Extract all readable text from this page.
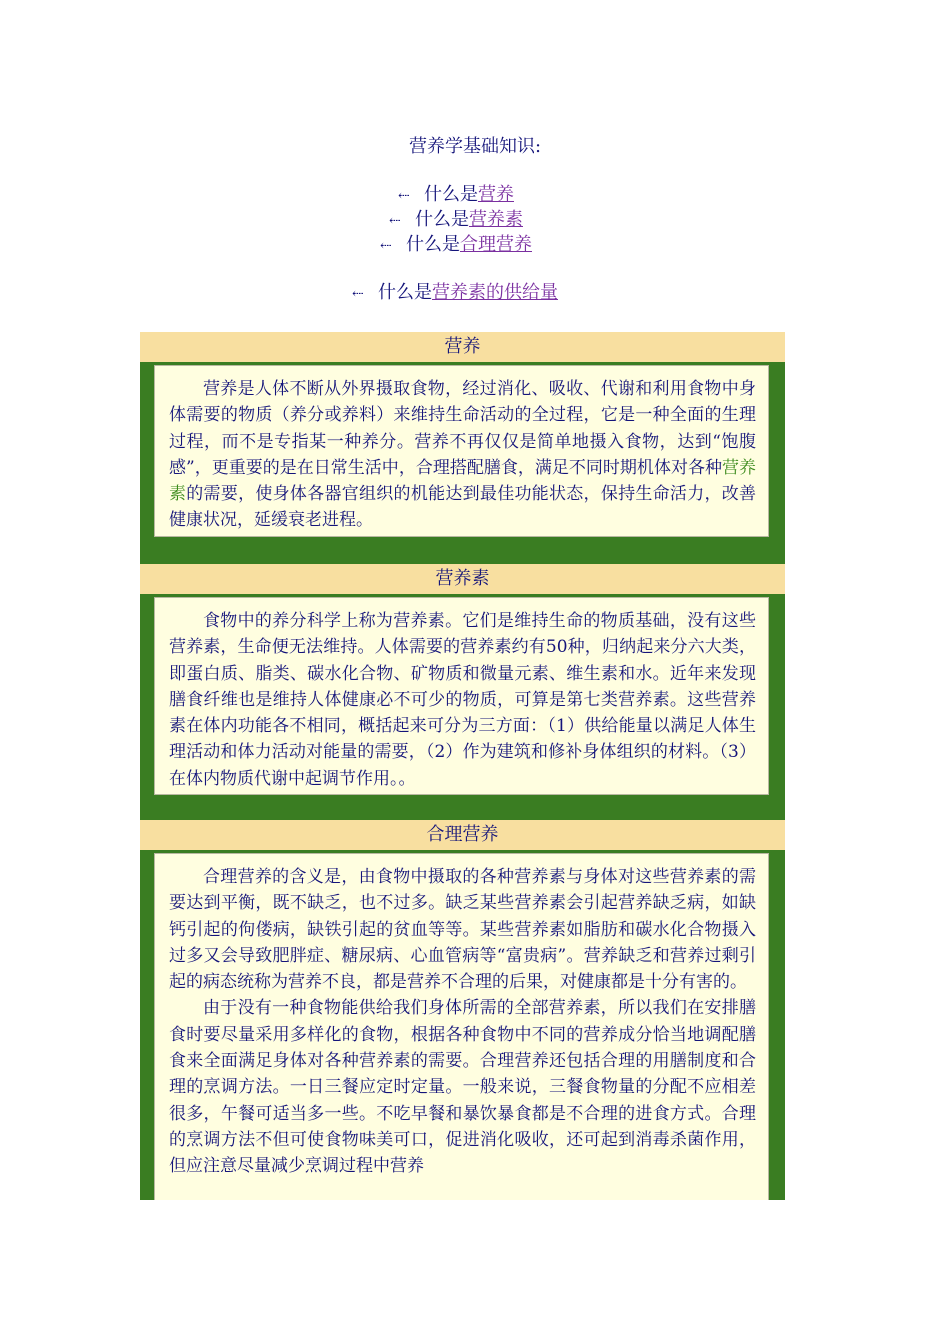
营养学基础知识:
⇠ 什么是营养
⇠ 什么是营养素
⇠ 什么是合理营养
⇠ 什么是营养素的供给量
营养

营养是人体不断从外界摄取食物，经过消化、吸收、代谢和利用食物中身体需要的物质（养分或养料）来维持生命活动的全过程，它是一种全面的生理过程，而不是专指某一种养分。营养不再仅仅是简单地摄入食物，达到“饱腹感”，更重要的是在日常生活中，合理搭配膳食，满足不同时期机体对各种营养素的需要，使身体各器官组织的机能达到最佳功能状态，保持生命活力，改善健康状况，延缓衰老进程。

营养素

食物中的养分科学上称为营养素。它们是维持生命的物质基础，没有这些营养素，生命便无法维持。人体需要的营养素约有50种，归纳起来分六大类，即蛋白质、脂类、碳水化合物、矿物质和微量元素、维生素和水。近年来发现膳食纤维也是维持人体健康必不可少的物质，可算是第七类营养素。这些营养素在体内功能各不相同，概括起来可分为三方面：（1）供给能量以满足人体生理活动和体力活动对能量的需要，（2）作为建筑和修补身体组织的材料。（3）在体内物质代谢中起调节作用。。

合理营养

合理营养的含义是，由食物中摄取的各种营养素与身体对这些营养素的需要达到平衡，既不缺乏，也不过多。缺乏某些营养素会引起营养缺乏病，如缺钙引起的佝偻病，缺铁引起的贫血等等。某些营养素如脂肪和碳水化合物摄入过多又会导致肥胖症、糖尿病、心血管病等“富贵病”。营养缺乏和营养过剩引起的病态统称为营养不良，都是营养不合理的后果，对健康都是十分有害的。

由于没有一种食物能供给我们身体所需的全部营养素，所以我们在安排膳食时要尽量采用多样化的食物，根据各种食物中不同的营养成分恰当地调配膳食来全面满足身体对各种营养素的需要。合理营养还包括合理的用膳制度和合理的烹调方法。一日三餐应定时定量。一般来说，三餐食物量的分配不应相差很多，午餐可适当多一些。不吃早餐和暴饮暴食都是不合理的进食方式。合理的烹调方法不但可使食物味美可口，促进消化吸收，还可起到消毒杀菌作用，但应注意尽量减少烹调过程中营养
